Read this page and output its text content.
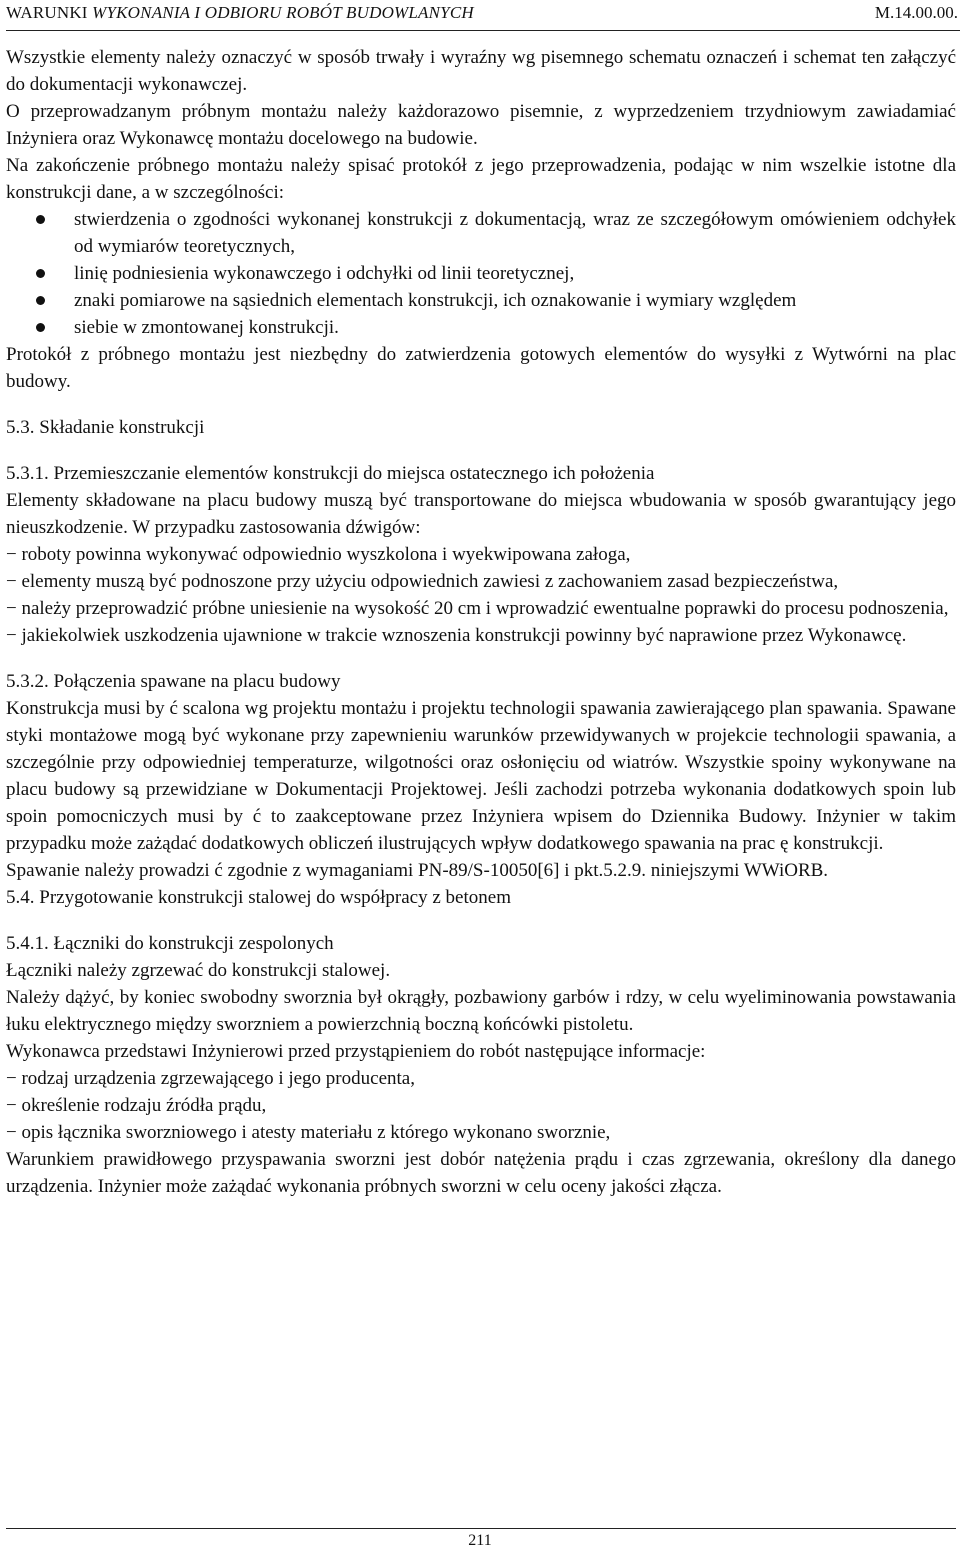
WARUNKI WYKONANIA I ODBIORU ROBÓT BUDOWLANYCH	M.14.00.00.

Wszystkie elementy należy oznaczyć w sposób trwały i wyraźny wg pisemnego schematu oznaczeń i schemat ten załączyć do dokumentacji wykonawczej.

O przeprowadzanym próbnym montażu należy każdorazowo pisemnie, z wyprzedzeniem trzydniowym zawiadamiać Inżyniera oraz Wykonawcę montażu docelowego na budowie.

Na zakończenie próbnego montażu należy spisać protokół z jego przeprowadzenia, podając w nim wszelkie istotne dla konstrukcji dane, a w szczególności:

stwierdzenia o zgodności wykonanej konstrukcji z dokumentacją, wraz ze szczegółowym omówieniem odchyłek od wymiarów teoretycznych,
linię podniesienia wykonawczego i odchyłki od linii teoretycznej,
znaki pomiarowe na sąsiednich elementach konstrukcji, ich oznakowanie i wymiary względem
siebie w zmontowanej konstrukcji.

Protokół z próbnego montażu jest niezbędny do zatwierdzenia gotowych elementów do wysyłki z Wytwórni na plac budowy.

5.3. Składanie konstrukcji

5.3.1. Przemieszczanie elementów konstrukcji do miejsca ostatecznego ich położenia

Elementy składowane na placu budowy muszą być transportowane do miejsca wbudowania w sposób gwarantujący jego nieuszkodzenie. W przypadku zastosowania dźwigów:

− roboty powinna wykonywać odpowiednio wyszkolona i wyekwipowana załoga,

− elementy muszą być podnoszone przy użyciu odpowiednich zawiesi z zachowaniem zasad bezpieczeństwa,

− należy przeprowadzić próbne uniesienie na wysokość 20 cm i wprowadzić ewentualne poprawki do procesu podnoszenia,

− jakiekolwiek uszkodzenia ujawnione w trakcie wznoszenia konstrukcji powinny być naprawione przez Wykonawcę.

5.3.2. Połączenia spawane na placu budowy

Konstrukcja musi by ć scalona wg projektu montażu i projektu technologii spawania zawierającego plan spawania. Spawane styki montażowe mogą być wykonane przy zapewnieniu warunków przewidywanych w projekcie technologii spawania, a szczególnie przy odpowiedniej temperaturze, wilgotności oraz osłonięciu od wiatrów. Wszystkie spoiny wykonywane na placu budowy są przewidziane w Dokumentacji Projektowej. Jeśli zachodzi potrzeba wykonania dodatkowych spoin lub spoin pomocniczych musi by ć to zaakceptowane przez Inżyniera wpisem do Dziennika Budowy. Inżynier w takim przypadku może zażądać dodatkowych obliczeń ilustrujących wpływ dodatkowego spawania na prac ę konstrukcji.

Spawanie należy prowadzi ć zgodnie z wymaganiami PN-89/S-10050[6] i pkt.5.2.9. niniejszymi WWiORB.

5.4. Przygotowanie konstrukcji stalowej do współpracy z betonem

5.4.1. Łączniki do konstrukcji zespolonych

Łączniki należy zgrzewać do konstrukcji stalowej.

Należy dążyć, by koniec swobodny sworznia był okrągły, pozbawiony garbów i rdzy, w celu wyeliminowania powstawania łuku elektrycznego między sworzniem a powierzchnią boczną końcówki pistoletu.

Wykonawca przedstawi Inżynierowi przed przystąpieniem do robót następujące informacje:

− rodzaj urządzenia zgrzewającego i jego producenta,

− określenie rodzaju źródła prądu,

− opis łącznika sworzniowego i atesty materiału z którego wykonano sworznie,

Warunkiem prawidłowego przyspawania sworzni jest dobór natężenia prądu i czas zgrzewania, określony dla danego urządzenia. Inżynier może zażądać wykonania próbnych sworzni w celu oceny jakości złącza.

211
